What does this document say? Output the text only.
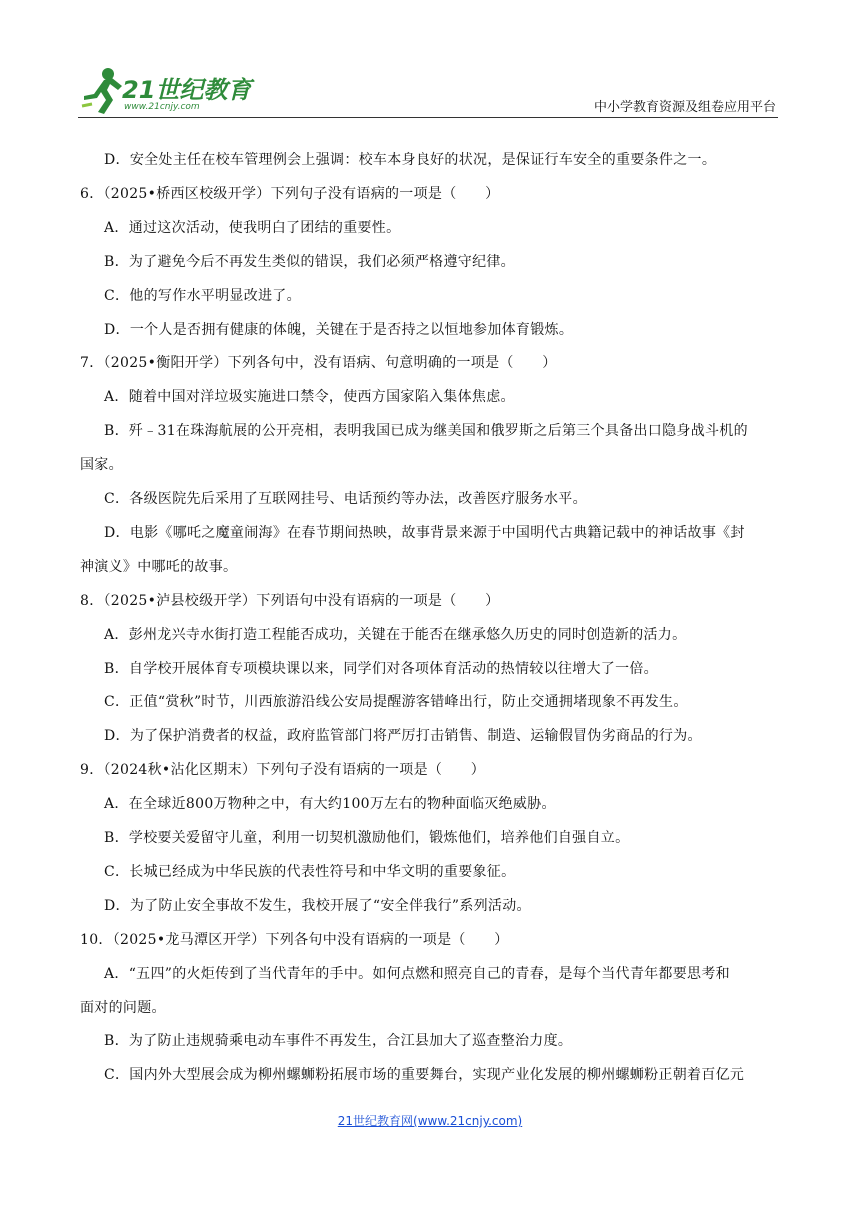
21世纪教育
www.21cnjy.com	中小学教育资源及组卷应用平台
D．安全处主任在校车管理例会上强调：校车本身良好的状况，是保证行车安全的重要条件之一。
6．（2025•桥西区校级开学）下列句子没有语病的一项是（　　）
A．通过这次活动，使我明白了团结的重要性。
B．为了避免今后不再发生类似的错误，我们必须严格遵守纪律。
C．他的写作水平明显改进了。
D．一个人是否拥有健康的体魄，关键在于是否持之以恒地参加体育锻炼。
7．（2025•衡阳开学）下列各句中，没有语病、句意明确的一项是（　　）
A．随着中国对洋垃圾实施进口禁令，使西方国家陷入集体焦虑。
B．歼﹣31在珠海航展的公开亮相，表明我国已成为继美国和俄罗斯之后第三个具备出口隐身战斗机的
国家。
C．各级医院先后采用了互联网挂号、电话预约等办法，改善医疗服务水平。
D．电影《哪吒之魔童闹海》在春节期间热映，故事背景来源于中国明代古典籍记载中的神话故事《封
神演义》中哪吒的故事。
8．（2025•泸县校级开学）下列语句中没有语病的一项是（　　）
A．彭州龙兴寺水街打造工程能否成功，关键在于能否在继承悠久历史的同时创造新的活力。
B．自学校开展体育专项模块课以来，同学们对各项体育活动的热情较以往增大了一倍。
C．正值“赏秋”时节，川西旅游沿线公安局提醒游客错峰出行，防止交通拥堵现象不再发生。
D．为了保护消费者的权益，政府监管部门将严厉打击销售、制造、运输假冒伪劣商品的行为。
9．（2024秋•沾化区期末）下列句子没有语病的一项是（　　）
A．在全球近800万物种之中，有大约100万左右的物种面临灭绝威胁。
B．学校要关爱留守儿童，利用一切契机激励他们，锻炼他们，培养他们自强自立。
C．长城已经成为中华民族的代表性符号和中华文明的重要象征。
D．为了防止安全事故不发生，我校开展了“安全伴我行”系列活动。
10．（2025•龙马潭区开学）下列各句中没有语病的一项是（　　）
A．“五四”的火炬传到了当代青年的手中。如何点燃和照亮自己的青春，是每个当代青年都要思考和
面对的问题。
B．为了防止违规骑乘电动车事件不再发生，合江县加大了巡查整治力度。
C．国内外大型展会成为柳州螺蛳粉拓展市场的重要舞台，实现产业化发展的柳州螺蛳粉正朝着百亿元
21世纪教育网(www.21cnjy.com)
